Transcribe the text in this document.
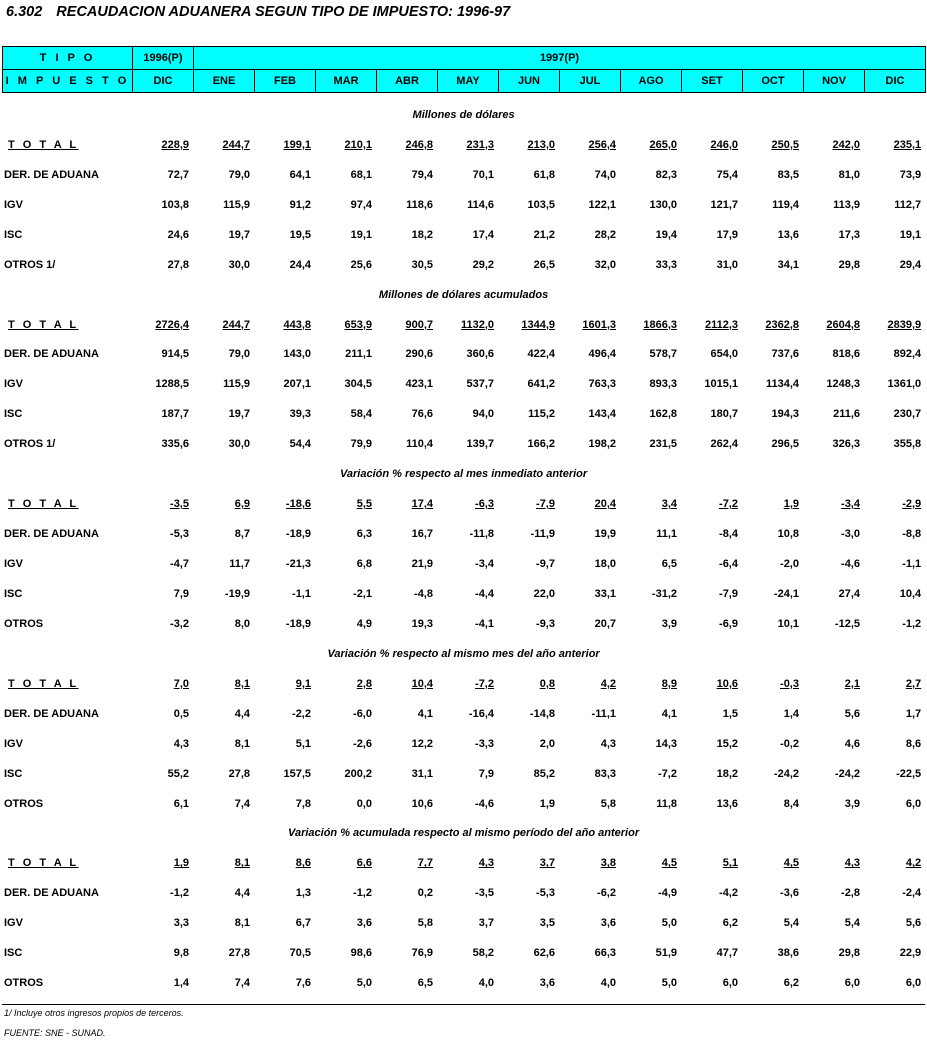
6.302 RECAUDACION ADUANERA SEGUN TIPO DE IMPUESTO: 1996-97
T I P O	1996(P)	1997(P)											
I M P U E S T O	DIC	ENE	FEB	MAR	ABR	MAY	JUN	JUL	AGO	SET	OCT	NOV	DIC
Millones de dólares													
T O T A L	228,9	244,7	199,1	210,1	246,8	231,3	213,0	256,4	265,0	246,0	250,5	242,0	235,1
DER. DE ADUANA	72,7	79,0	64,1	68,1	79,4	70,1	61,8	74,0	82,3	75,4	83,5	81,0	73,9
IGV	103,8	115,9	91,2	97,4	118,6	114,6	103,5	122,1	130,0	121,7	119,4	113,9	112,7
ISC	24,6	19,7	19,5	19,1	18,2	17,4	21,2	28,2	19,4	17,9	13,6	17,3	19,1
OTROS 1/	27,8	30,0	24,4	25,6	30,5	29,2	26,5	32,0	33,3	31,0	34,1	29,8	29,4
Millones de dólares acumulados													
T O T A L	2726,4	244,7	443,8	653,9	900,7	1132,0	1344,9	1601,3	1866,3	2112,3	2362,8	2604,8	2839,9
DER. DE ADUANA	914,5	79,0	143,0	211,1	290,6	360,6	422,4	496,4	578,7	654,0	737,6	818,6	892,4
IGV	1288,5	115,9	207,1	304,5	423,1	537,7	641,2	763,3	893,3	1015,1	1134,4	1248,3	1361,0
ISC	187,7	19,7	39,3	58,4	76,6	94,0	115,2	143,4	162,8	180,7	194,3	211,6	230,7
OTROS 1/	335,6	30,0	54,4	79,9	110,4	139,7	166,2	198,2	231,5	262,4	296,5	326,3	355,8
Variación % respecto al mes inmediato anterior													
T O T A L	-3,5	6,9	-18,6	5,5	17,4	-6,3	-7,9	20,4	3,4	-7,2	1,9	-3,4	-2,9
DER. DE ADUANA	-5,3	8,7	-18,9	6,3	16,7	-11,8	-11,9	19,9	11,1	-8,4	10,8	-3,0	-8,8
IGV	-4,7	11,7	-21,3	6,8	21,9	-3,4	-9,7	18,0	6,5	-6,4	-2,0	-4,6	-1,1
ISC	7,9	-19,9	-1,1	-2,1	-4,8	-4,4	22,0	33,1	-31,2	-7,9	-24,1	27,4	10,4
OTROS	-3,2	8,0	-18,9	4,9	19,3	-4,1	-9,3	20,7	3,9	-6,9	10,1	-12,5	-1,2
Variación % respecto al mismo mes del año anterior													
T O T A L	7,0	8,1	9,1	2,8	10,4	-7,2	0,8	4,2	8,9	10,6	-0,3	2,1	2,7
DER. DE ADUANA	0,5	4,4	-2,2	-6,0	4,1	-16,4	-14,8	-11,1	4,1	1,5	1,4	5,6	1,7
IGV	4,3	8,1	5,1	-2,6	12,2	-3,3	2,0	4,3	14,3	15,2	-0,2	4,6	8,6
ISC	55,2	27,8	157,5	200,2	31,1	7,9	85,2	83,3	-7,2	18,2	-24,2	-24,2	-22,5
OTROS	6,1	7,4	7,8	0,0	10,6	-4,6	1,9	5,8	11,8	13,6	8,4	3,9	6,0
Variación % acumulada respecto al mismo período del año anterior													
T O T A L	1,9	8,1	8,6	6,6	7,7	4,3	3,7	3,8	4,5	5,1	4,5	4,3	4,2
DER. DE ADUANA	-1,2	4,4	1,3	-1,2	0,2	-3,5	-5,3	-6,2	-4,9	-4,2	-3,6	-2,8	-2,4
IGV	3,3	8,1	6,7	3,6	5,8	3,7	3,5	3,6	5,0	6,2	5,4	5,4	5,6
ISC	9,8	27,8	70,5	98,6	76,9	58,2	62,6	66,3	51,9	47,7	38,6	29,8	22,9
OTROS	1,4	7,4	7,6	5,0	6,5	4,0	3,6	4,0	5,0	6,0	6,2	6,0	6,0
1/ Incluye otros ingresos propios de terceros.
FUENTE: SNE - SUNAD.
